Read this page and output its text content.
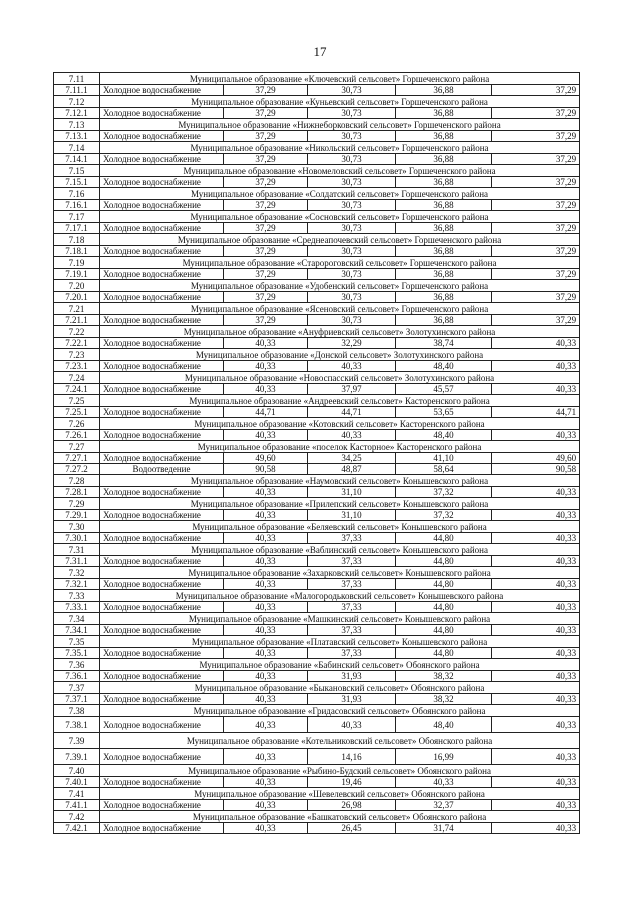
17
7.11	Муниципальное образование «Ключевский сельсовет» Горшеченского района				
7.11.1	Холодное водоснабжение	37,29	30,73	36,88	37,29
7.12	Муниципальное образование «Куньевский сельсовет» Горшеченского района				
7.12.1	Холодное водоснабжение	37,29	30,73	36,88	37,29
7.13	Муниципальное образование «Нижнеборковский сельсовет» Горшеченского района				
7.13.1	Холодное водоснабжение	37,29	30,73	36,88	37,29
7.14	Муниципальное образование «Никольский сельсовет» Горшеченского района				
7.14.1	Холодное водоснабжение	37,29	30,73	36,88	37,29
7.15	Муниципальное образование «Новомеловский сельсовет» Горшеченского района				
7.15.1	Холодное водоснабжение	37,29	30,73	36,88	37,29
7.16	Муниципальное образование «Солдатский сельсовет» Горшеченского района				
7.16.1	Холодное водоснабжение	37,29	30,73	36,88	37,29
7.17	Муниципальное образование «Сосновский сельсовет» Горшеченского района				
7.17.1	Холодное водоснабжение	37,29	30,73	36,88	37,29
7.18	Муниципальное образование «Среднеапочевский сельсовет» Горшеченского района				
7.18.1	Холодное водоснабжение	37,29	30,73	36,88	37,29
7.19	Муниципальное образование «Старороговский сельсовет» Горшеченского района				
7.19.1	Холодное водоснабжение	37,29	30,73	36,88	37,29
7.20	Муниципальное образование «Удобенский сельсовет» Горшеченского района				
7.20.1	Холодное водоснабжение	37,29	30,73	36,88	37,29
7.21	Муниципальное образование «Ясеновский сельсовет» Горшеченского района				
7.21.1	Холодное водоснабжение	37,29	30,73	36,88	37,29
7.22	Муниципальное образование «Ануфриевский сельсовет» Золотухинского района				
7.22.1	Холодное водоснабжение	40,33	32,29	38,74	40,33
7.23	Муниципальное образование «Донской сельсовет» Золотухинского района				
7.23.1	Холодное водоснабжение	40,33	40,33	48,40	40,33
7.24	Муниципальное образование «Новоспасский сельсовет» Золотухинского района				
7.24.1	Холодное водоснабжение	40,33	37,97	45,57	40,33
7.25	Муниципальное образование «Андреевский сельсовет» Касторенского района				
7.25.1	Холодное водоснабжение	44,71	44,71	53,65	44,71
7.26	Муниципальное образование «Котовский сельсовет» Касторенского района				
7.26.1	Холодное водоснабжение	40,33	40,33	48,40	40,33
7.27	Муниципальное образование «поселок Касторное» Касторенского района				
7.27.1	Холодное водоснабжение	49,60	34,25	41,10	49,60
7.27.2	Водоотведение	90,58	48,87	58,64	90,58
7.28	Муниципальное образование «Наумовский сельсовет» Конышевского района				
7.28.1	Холодное водоснабжение	40,33	31,10	37,32	40,33
7.29	Муниципальное образование «Прилепский сельсовет» Конышевского района				
7.29.1	Холодное водоснабжение	40,33	31,10	37,32	40,33
7.30	Муниципальное образование «Беляевский сельсовет» Конышевского района				
7.30.1	Холодное водоснабжение	40,33	37,33	44,80	40,33
7.31	Муниципальное образование «Ваблинский сельсовет» Конышевского района				
7.31.1	Холодное водоснабжение	40,33	37,33	44,80	40,33
7.32	Муниципальное образование «Захарковский сельсовет» Конышевского района				
7.32.1	Холодное водоснабжение	40,33	37,33	44,80	40,33
7.33	Муниципальное образование «Малогородьковский сельсовет» Конышевского района				
7.33.1	Холодное водоснабжение	40,33	37,33	44,80	40,33
7.34	Муниципальное образование «Машкинский сельсовет» Конышевского района				
7.34.1	Холодное водоснабжение	40,33	37,33	44,80	40,33
7.35	Муниципальное образование «Платавский сельсовет» Конышевского района				
7.35.1	Холодное водоснабжение	40,33	37,33	44,80	40,33
7.36	Муниципальное образование «Бабинский сельсовет» Обоянского района				
7.36.1	Холодное водоснабжение	40,33	31,93	38,32	40,33
7.37	Муниципальное образование «Быкановский сельсовет» Обоянского района				
7.37.1	Холодное водоснабжение	40,33	31,93	38,32	40,33
7.38	Муниципальное образование «Гридасовский сельсовет» Обоянского района				
7.38.1	Холодное водоснабжение	40,33	40,33	48,40	40,33
7.39	Муниципальное образование «Котельниковский сельсовет» Обоянского района				
7.39.1	Холодное водоснабжение	40,33	14,16	16,99	40,33
7.40	Муниципальное образование «Рыбино-Будский сельсовет» Обоянского района				
7.40.1	Холодное водоснабжение	40,33	19,46	40,33	40,33
7.41	Муниципальное образование «Шевелевский сельсовет» Обоянского района				
7.41.1	Холодное водоснабжение	40,33	26,98	32,37	40,33
7.42	Муниципальное образование «Башкатовский сельсовет» Обоянского района				
7.42.1	Холодное водоснабжение	40,33	26,45	31,74	40,33
